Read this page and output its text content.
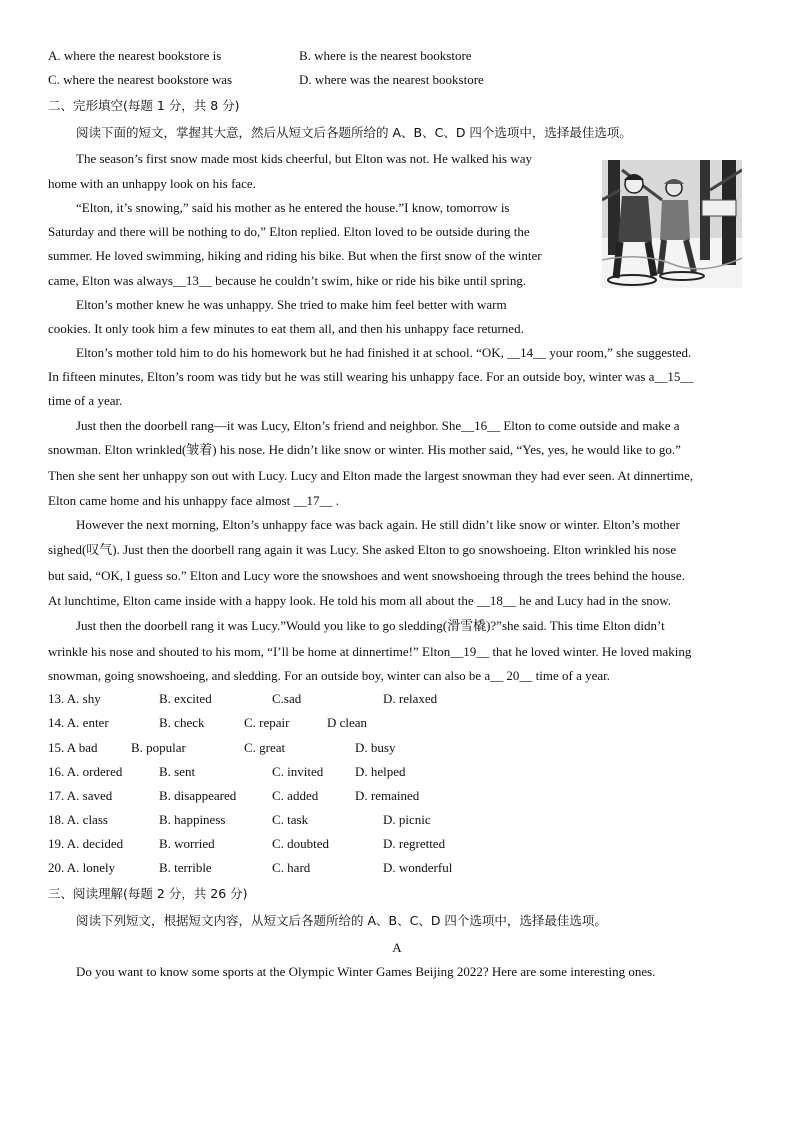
A. where the nearest bookstore is	B. where is the nearest bookstore
C. where the nearest bookstore was	D. where was the nearest bookstore
二、完形填空(每题 1 分，共 8 分)
阅读下面的短文，掌握其大意，然后从短文后各题所给的 A、B、C、D 四个选项中，选择最佳选项。
The season’s first snow made most kids cheerful, but Elton was not. He walked his way
home with an unhappy look on his face.
“Elton, it’s snowing,” said his mother as he entered the house.”I know, tomorrow is
Saturday and there will be nothing to do,” Elton replied. Elton loved to be outside during the
summer. He loved swimming, hiking and riding his bike. But when the first snow of the winter
came, Elton was always__13__ because he couldn’t swim, hike or ride his bike until spring.
Elton’s mother knew he was unhappy. She tried to make him feel better with warm
cookies. It only took him a few minutes to eat them all, and then his unhappy face returned.
Elton’s mother told him to do his homework but he had finished it at school. “OK, __14__ your room,” she suggested.
In fifteen minutes, Elton’s room was tidy but he was still wearing his unhappy face. For an outside boy, winter was a__15__
time of a year.
Just then the doorbell rang—it was Lucy, Elton’s friend and neighbor. She__16__ Elton to come outside and make a
snowman. Elton wrinkled(皱着) his nose. He didn’t like snow or winter. His mother said, “Yes, yes, he would like to go.”
Then she sent her unhappy son out with Lucy. Lucy and Elton made the largest snowman they had ever seen. At dinnertime,
Elton came home and his unhappy face almost __17__ .
However the next morning, Elton’s unhappy face was back again. He still didn’t like snow or winter. Elton’s mother
sighed(叹气). Just then the doorbell rang again it was Lucy. She asked Elton to go snowshoeing. Elton wrinkled his nose
but said, “OK, I guess so.” Elton and Lucy wore the snowshoes and went snowshoeing through the trees behind the house.
At lunchtime, Elton came inside with a happy look. He told his mom all about the __18__ he and Lucy had in the snow.
Just then the doorbell rang it was Lucy.”Would you like to go sledding(滑雪橇)?”she said. This time Elton didn’t
wrinkle his nose and shouted to his mom, “I’ll be home at dinnertime!” Elton__19__ that he loved winter. He loved making
snowman, going snowshoeing, and sledding. For an outside boy, winter can also be a__ 20__ time of a year.
13. A. shy	B. excited	C.sad	D. relaxed
14. A. enter	B. check	C. repair	D clean
15. A bad	B. popular	C. great	D. busy
16. A. ordered	B. sent	C. invited D. helped
17. A. saved	B. disappeared	C. added	D. remained
18. A. class	B. happiness	C. task	D. picnic
19. A. decided	B. worried	C. doubted	D. regretted
20. A. lonely	B. terrible	C. hard	D. wonderful
三、阅读理解(每题 2 分，共 26 分)
阅读下列短文，根据短文内容，从短文后各题所给的 A、B、C、D 四个选项中，选择最佳选项。
A
Do you want to know some sports at the Olympic Winter Games Beijing 2022? Here are some interesting ones.
